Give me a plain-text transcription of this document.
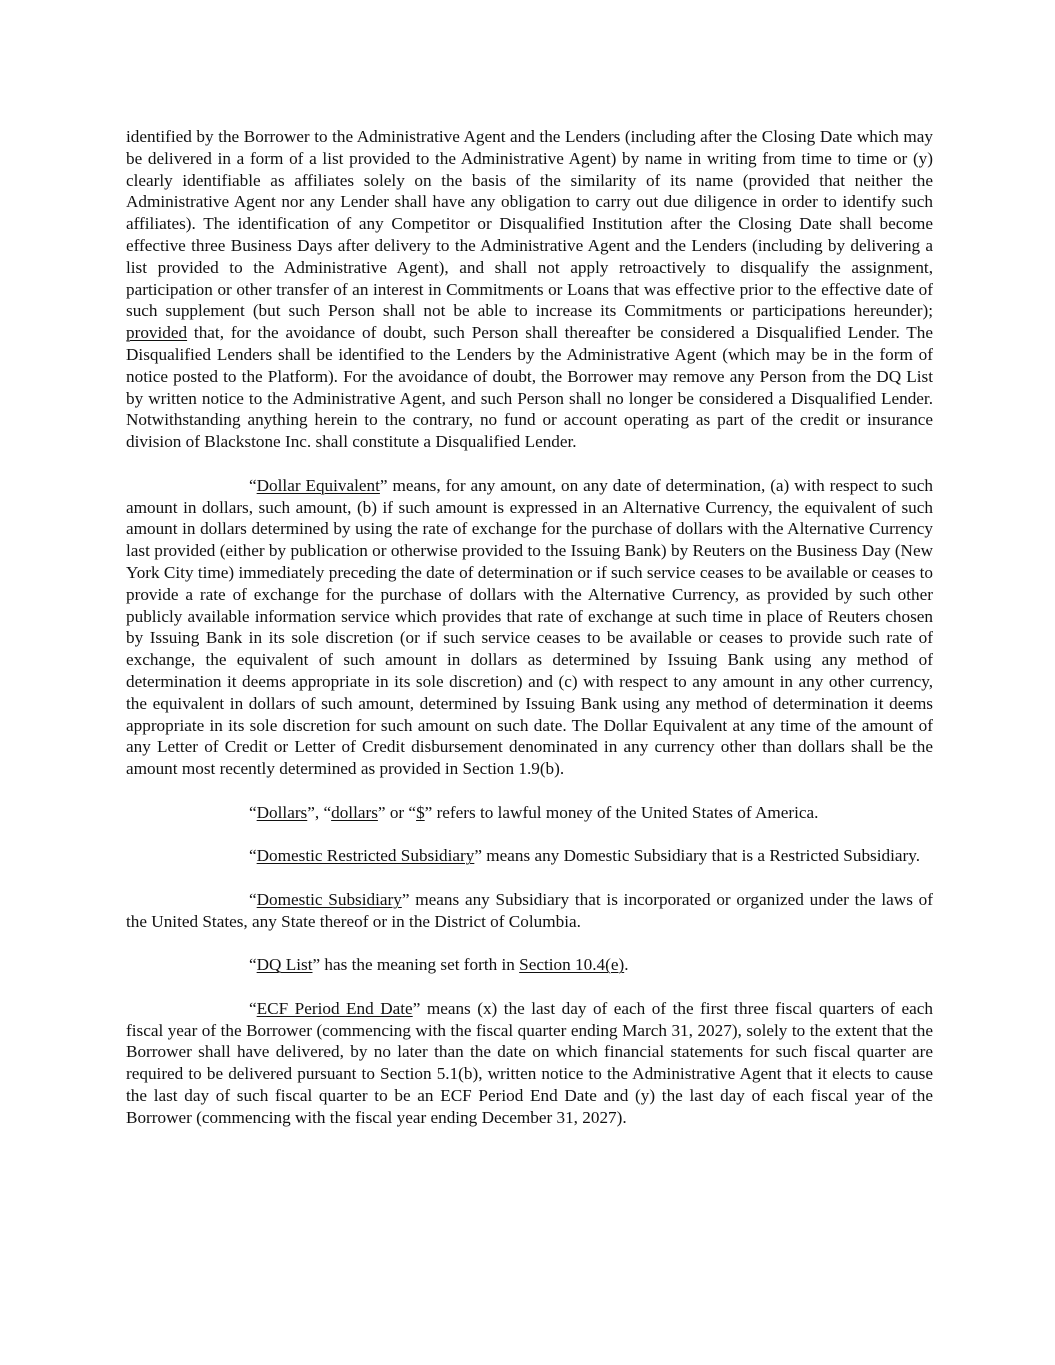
identified by the Borrower to the Administrative Agent and the Lenders (including after the Closing Date which may be delivered in a form of a list provided to the Administrative Agent) by name in writing from time to time or (y) clearly identifiable as affiliates solely on the basis of the similarity of its name (provided that neither the Administrative Agent nor any Lender shall have any obligation to carry out due diligence in order to identify such affiliates). The identification of any Competitor or Disqualified Institution after the Closing Date shall become effective three Business Days after delivery to the Administrative Agent and the Lenders (including by delivering a list provided to the Administrative Agent), and shall not apply retroactively to disqualify the assignment, participation or other transfer of an interest in Commitments or Loans that was effective prior to the effective date of such supplement (but such Person shall not be able to increase its Commitments or participations hereunder); provided that, for the avoidance of doubt, such Person shall thereafter be considered a Disqualified Lender. The Disqualified Lenders shall be identified to the Lenders by the Administrative Agent (which may be in the form of notice posted to the Platform). For the avoidance of doubt, the Borrower may remove any Person from the DQ List by written notice to the Administrative Agent, and such Person shall no longer be considered a Disqualified Lender. Notwithstanding anything herein to the contrary, no fund or account operating as part of the credit or insurance division of Blackstone Inc. shall constitute a Disqualified Lender.

“Dollar Equivalent” means, for any amount, on any date of determination, (a) with respect to such amount in dollars, such amount, (b) if such amount is expressed in an Alternative Currency, the equivalent of such amount in dollars determined by using the rate of exchange for the purchase of dollars with the Alternative Currency last provided (either by publication or otherwise provided to the Issuing Bank) by Reuters on the Business Day (New York City time) immediately preceding the date of determination or if such service ceases to be available or ceases to provide a rate of exchange for the purchase of dollars with the Alternative Currency, as provided by such other publicly available information service which provides that rate of exchange at such time in place of Reuters chosen by Issuing Bank in its sole discretion (or if such service ceases to be available or ceases to provide such rate of exchange, the equivalent of such amount in dollars as determined by Issuing Bank using any method of determination it deems appropriate in its sole discretion) and (c) with respect to any amount in any other currency, the equivalent in dollars of such amount, determined by Issuing Bank using any method of determination it deems appropriate in its sole discretion for such amount on such date. The Dollar Equivalent at any time of the amount of any Letter of Credit or Letter of Credit disbursement denominated in any currency other than dollars shall be the amount most recently determined as provided in Section 1.9(b).

“Dollars”, “dollars” or “$” refers to lawful money of the United States of America.

“Domestic Restricted Subsidiary” means any Domestic Subsidiary that is a Restricted Subsidiary.

“Domestic Subsidiary” means any Subsidiary that is incorporated or organized under the laws of the United States, any State thereof or in the District of Columbia.

“DQ List” has the meaning set forth in Section 10.4(e).

“ECF Period End Date” means (x) the last day of each of the first three fiscal quarters of each fiscal year of the Borrower (commencing with the fiscal quarter ending March 31, 2027), solely to the extent that the Borrower shall have delivered, by no later than the date on which financial statements for such fiscal quarter are required to be delivered pursuant to Section 5.1(b), written notice to the Administrative Agent that it elects to cause the last day of such fiscal quarter to be an ECF Period End Date and (y) the last day of each fiscal year of the Borrower (commencing with the fiscal year ending December 31, 2027).
